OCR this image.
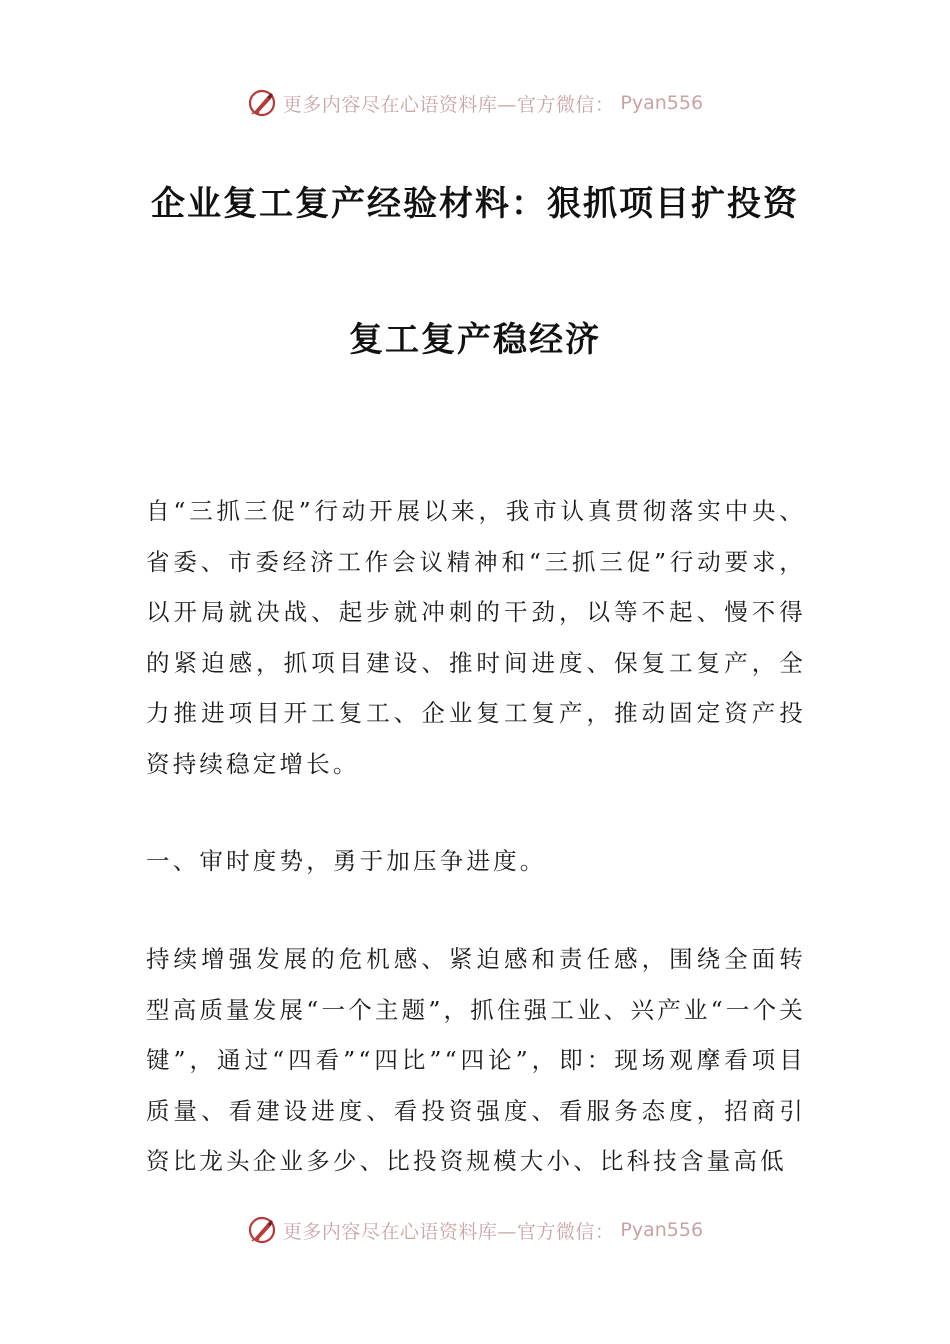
更多内容尽在心语资料库—官方微信： Pyan556
企业复工复产经验材料：狠抓项目扩投资
复工复产稳经济

自“三抓三促”行动开展以来，我市认真贯彻落实中央、省委、市委经济工作会议精神和“三抓三促”行动要求，以开局就决战、起步就冲刺的干劲，以等不起、慢不得的紧迫感，抓项目建设、推时间进度、保复工复产，全力推进项目开工复工、企业复工复产，推动固定资产投资持续稳定增长。

一、审时度势，勇于加压争进度。

持续增强发展的危机感、紧迫感和责任感，围绕全面转型高质量发展“一个主题”，抓住强工业、兴产业“一个关键”，通过“四看”“四比”“四论”，即：现场观摩看项目质量、看建设进度、看投资强度、看服务态度，招商引资比龙头企业多少、比投资规模大小、比科技含量高低

更多内容尽在心语资料库—官方微信： Pyan556
